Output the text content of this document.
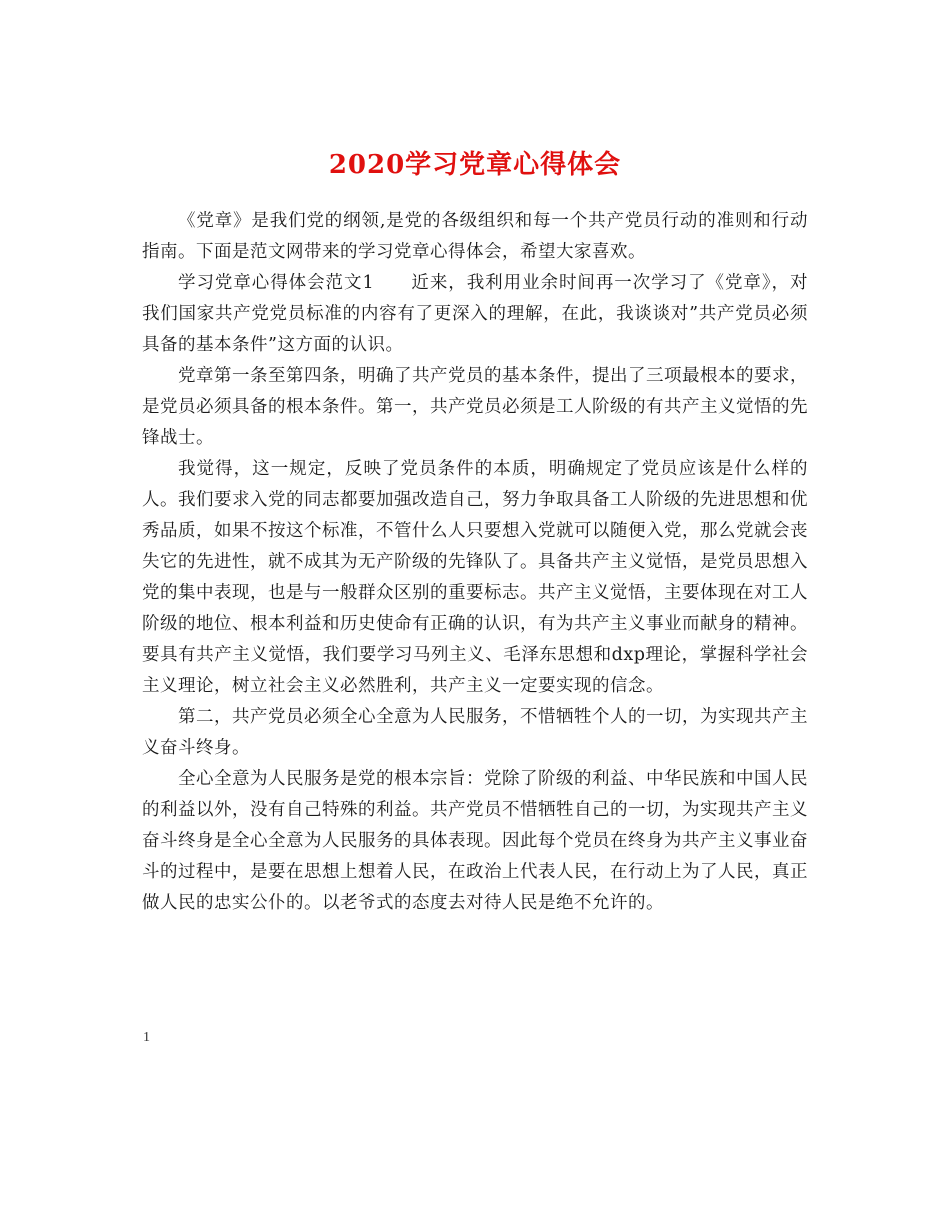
2020学习党章心得体会

《党章》是我们党的纲领,是党的各级组织和每一个共产党员行动的准则和行动指南。下面是范文网带来的学习党章心得体会，希望大家喜欢。

学习党章心得体会范文1　　近来，我利用业余时间再一次学习了《党章》，对我们国家共产党党员标准的内容有了更深入的理解，在此，我谈谈对”共产党员必须具备的基本条件”这方面的认识。

党章第一条至第四条，明确了共产党员的基本条件，提出了三项最根本的要求，是党员必须具备的根本条件。第一，共产党员必须是工人阶级的有共产主义觉悟的先锋战士。

我觉得，这一规定，反映了党员条件的本质，明确规定了党员应该是什么样的人。我们要求入党的同志都要加强改造自己，努力争取具备工人阶级的先进思想和优秀品质，如果不按这个标准，不管什么人只要想入党就可以随便入党，那么党就会丧失它的先进性，就不成其为无产阶级的先锋队了。具备共产主义觉悟，是党员思想入党的集中表现，也是与一般群众区别的重要标志。共产主义觉悟，主要体现在对工人阶级的地位、根本利益和历史使命有正确的认识，有为共产主义事业而献身的精神。要具有共产主义觉悟，我们要学习马列主义、毛泽东思想和dxp理论，掌握科学社会主义理论，树立社会主义必然胜利，共产主义一定要实现的信念。

第二，共产党员必须全心全意为人民服务，不惜牺牲个人的一切，为实现共产主义奋斗终身。

全心全意为人民服务是党的根本宗旨：党除了阶级的利益、中华民族和中国人民的利益以外，没有自己特殊的利益。共产党员不惜牺牲自己的一切，为实现共产主义奋斗终身是全心全意为人民服务的具体表现。因此每个党员在终身为共产主义事业奋斗的过程中，是要在思想上想着人民，在政治上代表人民，在行动上为了人民，真正做人民的忠实公仆的。以老爷式的态度去对待人民是绝不允许的。

1
